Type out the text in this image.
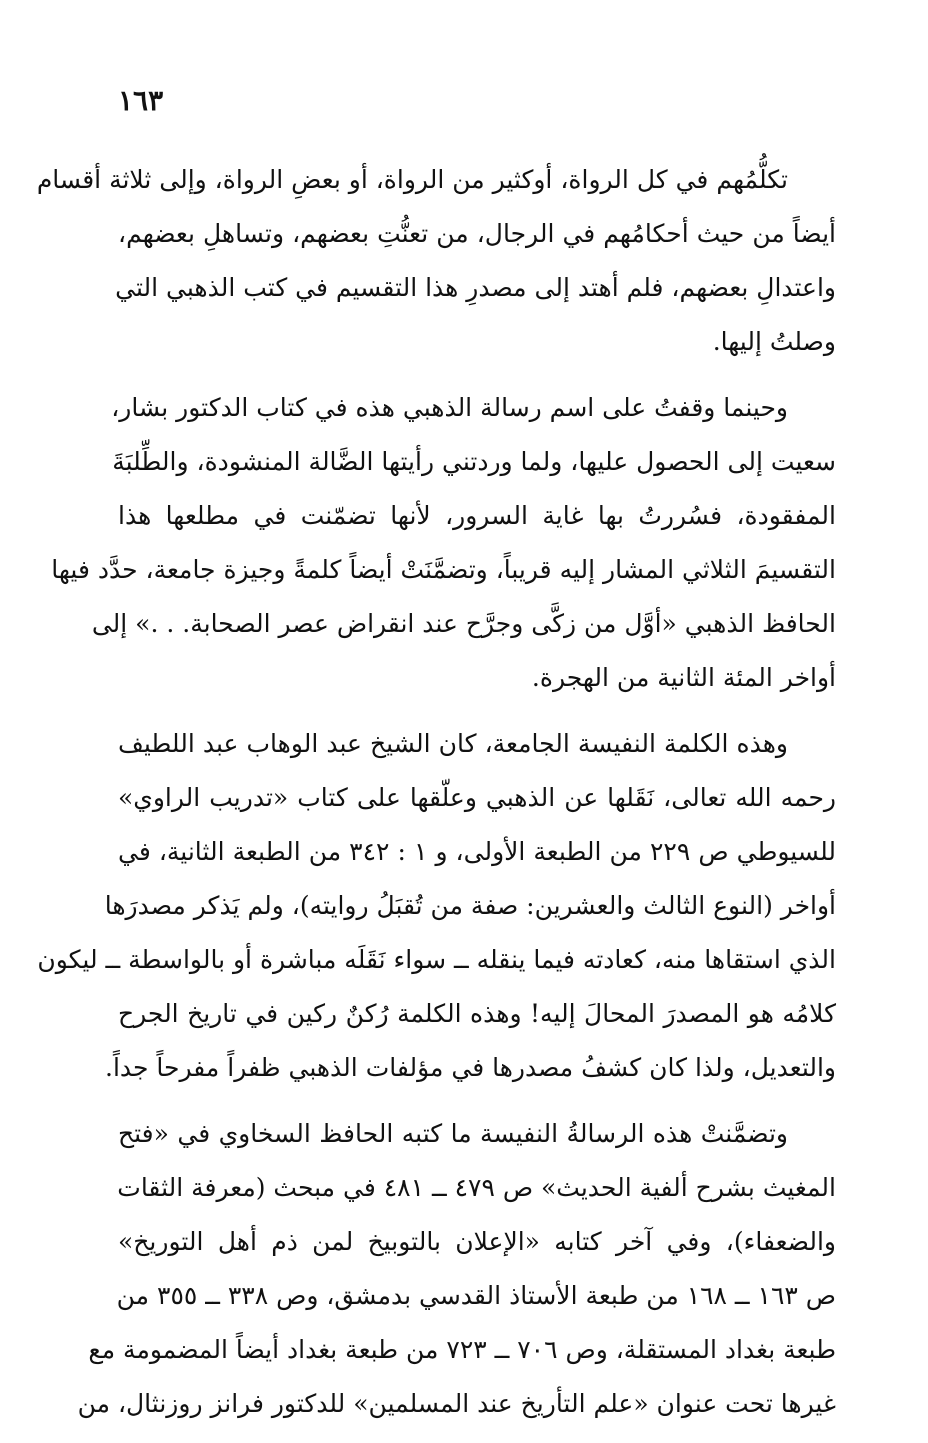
١٦٣
تكلُّمُهم في كل الرواة، أوكثير من الرواة، أو بعضِ الرواة، وإلى ثلاثة أقسام
أيضاً من حيث أحكامُهم في الرجال، من تعنُّتِ بعضهم، وتساهلِ بعضهم،
واعتدالِ بعضهم، فلم أهتد إلى مصدرِ هذا التقسيم في كتب الذهبي التي
وصلتُ إليها.
وحينما وقفتُ على اسم رسالة الذهبي هذه في كتاب الدكتور بشار،
سعيت إلى الحصول عليها، ولما وردتني رأيتها الضَّالة المنشودة، والطِّلبَةَ
المفقودة، فسُررتُ بها غاية السرور، لأنها تضمّنت في مطلعها هذا
التقسيمَ الثلاثي المشار إليه قريباً، وتضمَّنَتْ أيضاً كلمةً وجيزة جامعة، حدَّد فيها
الحافظ الذهبي «أوَّل من زكَّى وجرَّح عند انقراض عصر الصحابة. . .» إلى
أواخر المئة الثانية من الهجرة.
وهذه الكلمة النفيسة الجامعة، كان الشيخ عبد الوهاب عبد اللطيف
رحمه الله تعالى، نَقَلها عن الذهبي وعلّقها على كتاب «تدريب الراوي»
للسيوطي ص ٢٢٩ من الطبعة الأولى، و ١ : ٣٤٢ من الطبعة الثانية، في
أواخر (النوع الثالث والعشرين: صفة من تُقبَلُ روايته)، ولم يَذكر مصدرَها
الذي استقاها منه، كعادته فيما ينقله ــ سواء نَقَلَه مباشرة أو بالواسطة ــ ليكون
كلامُه هو المصدرَ المحالَ إليه! وهذه الكلمة رُكنٌ ركين في تاريخ الجرح
والتعديل، ولذا كان كشفُ مصدرها في مؤلفات الذهبي ظفراً مفرحاً جداً.
وتضمَّنتْ هذه الرسالةُ النفيسة ما كتبه الحافظ السخاوي في «فتح
المغيث بشرح ألفية الحديث» ص ٤٧٩ ــ ٤٨١ في مبحث (معرفة الثقات
والضعفاء)، وفي آخر كتابه «الإعلان بالتوبيخ لمن ذم أهل التوريخ»
ص ١٦٣ ــ ١٦٨ من طبعة الأستاذ القدسي بدمشق، وص ٣٣٨ ــ ٣٥٥ من
طبعة بغداد المستقلة، وص ٧٠٦ ــ ٧٢٣ من طبعة بغداد أيضاً المضمومة مع
غيرها تحت عنوان «علم التأريخ عند المسلمين» للدكتور فرانز روزنثال، من
